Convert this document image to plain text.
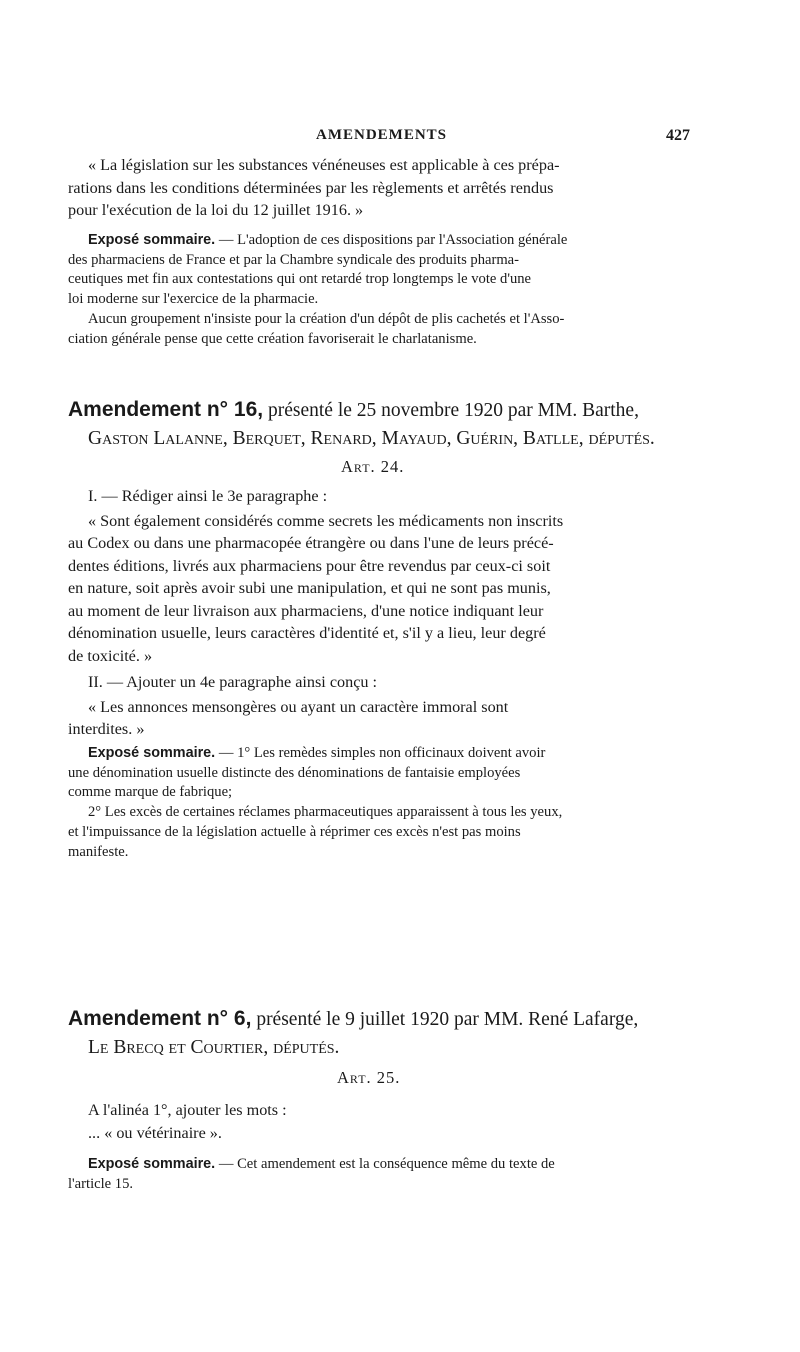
AMENDEMENTS	427
« La législation sur les substances vénéneuses est applicable à ces prépa-
rations dans les conditions déterminées par les règlements et arrêtés rendus
pour l'exécution de la loi du 12 juillet 1916. »
Exposé sommaire. — L'adoption de ces dispositions par l'Association générale
des pharmaciens de France et par la Chambre syndicale des produits pharma-
ceutiques met fin aux contestations qui ont retardé trop longtemps le vote d'une
loi moderne sur l'exercice de la pharmacie.
Aucun groupement n'insiste pour la création d'un dépôt de plis cachetés et l'Asso-
ciation générale pense que cette création favoriserait le charlatanisme.
Amendement n° 16, présenté le 25 novembre 1920 par MM. Barthe,
Gaston Lalanne, Berquet, Renard, Mayaud, Guérin, Batlle, députés.
Art. 24.
I. — Rédiger ainsi le 3e paragraphe :
« Sont également considérés comme secrets les médicaments non inscrits
au Codex ou dans une pharmacopée étrangère ou dans l'une de leurs précé-
dentes éditions, livrés aux pharmaciens pour être revendus par ceux-ci soit
en nature, soit après avoir subi une manipulation, et qui ne sont pas munis,
au moment de leur livraison aux pharmaciens, d'une notice indiquant leur
dénomination usuelle, leurs caractères d'identité et, s'il y a lieu, leur degré
de toxicité. »
II. — Ajouter un 4e paragraphe ainsi conçu :
« Les annonces mensongères ou ayant un caractère immoral sont
interdites. »
Exposé sommaire. — 1° Les remèdes simples non officinaux doivent avoir
une dénomination usuelle distincte des dénominations de fantaisie employées
comme marque de fabrique;
2° Les excès de certaines réclames pharmaceutiques apparaissent à tous les yeux,
et l'impuissance de la législation actuelle à réprimer ces excès n'est pas moins
manifeste.
Amendement n° 6, présenté le 9 juillet 1920 par MM. René Lafarge,
Le Brecq et Courtier, députés.
Art. 25.
A l'alinéa 1°, ajouter les mots :
... « ou vétérinaire ».
Exposé sommaire. — Cet amendement est la conséquence même du texte de
l'article 15.
